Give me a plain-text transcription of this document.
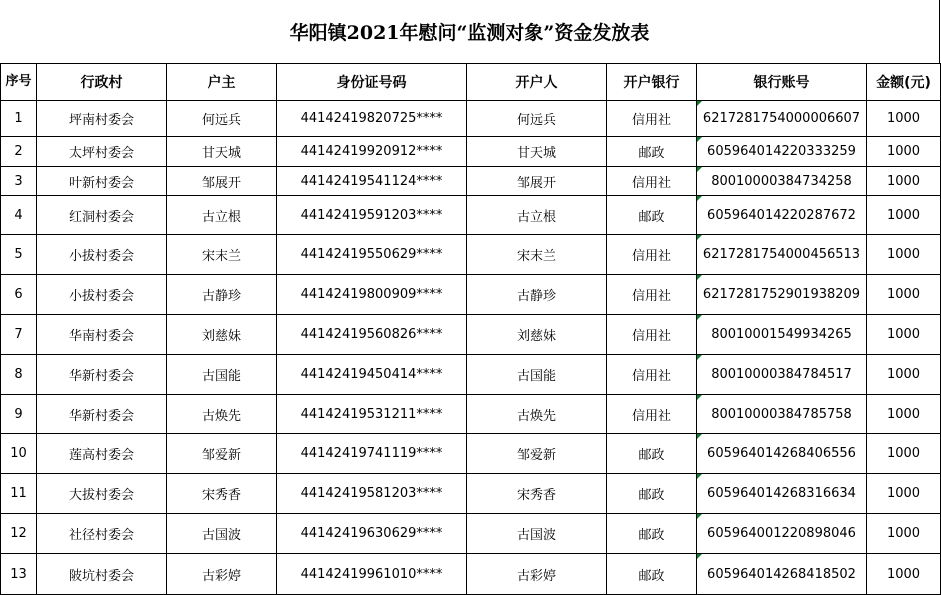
华阳镇2021年慰问“监测对象”资金发放表
序号	行政村	户主	身份证号码	开户人	开户银行	银行账号	金额(元)
1	坪南村委会	何远兵	44142419820725****	何远兵	信用社	6217281754000006607	1000
2	太坪村委会	甘天城	44142419920912****	甘天城	邮政	605964014220333259	1000
3	叶新村委会	邹展开	44142419541124****	邹展开	信用社	80010000384734258	1000
4	红洞村委会	古立根	44142419591203****	古立根	邮政	605964014220287672	1000
5	小拔村委会	宋末兰	44142419550629****	宋末兰	信用社	6217281754000456513	1000
6	小拔村委会	古静珍	44142419800909****	古静珍	信用社	6217281752901938209	1000
7	华南村委会	刘慈妹	44142419560826****	刘慈妹	信用社	80010001549934265	1000
8	华新村委会	古国能	44142419450414****	古国能	信用社	80010000384784517	1000
9	华新村委会	古焕先	44142419531211****	古焕先	信用社	80010000384785758	1000
10	莲高村委会	邹爱新	44142419741119****	邹爱新	邮政	605964014268406556	1000
11	大拔村委会	宋秀香	44142419581203****	宋秀香	邮政	605964014268316634	1000
12	社径村委会	古国波	44142419630629****	古国波	邮政	605964001220898046	1000
13	陂坑村委会	古彩婷	44142419961010****	古彩婷	邮政	605964014268418502	1000
